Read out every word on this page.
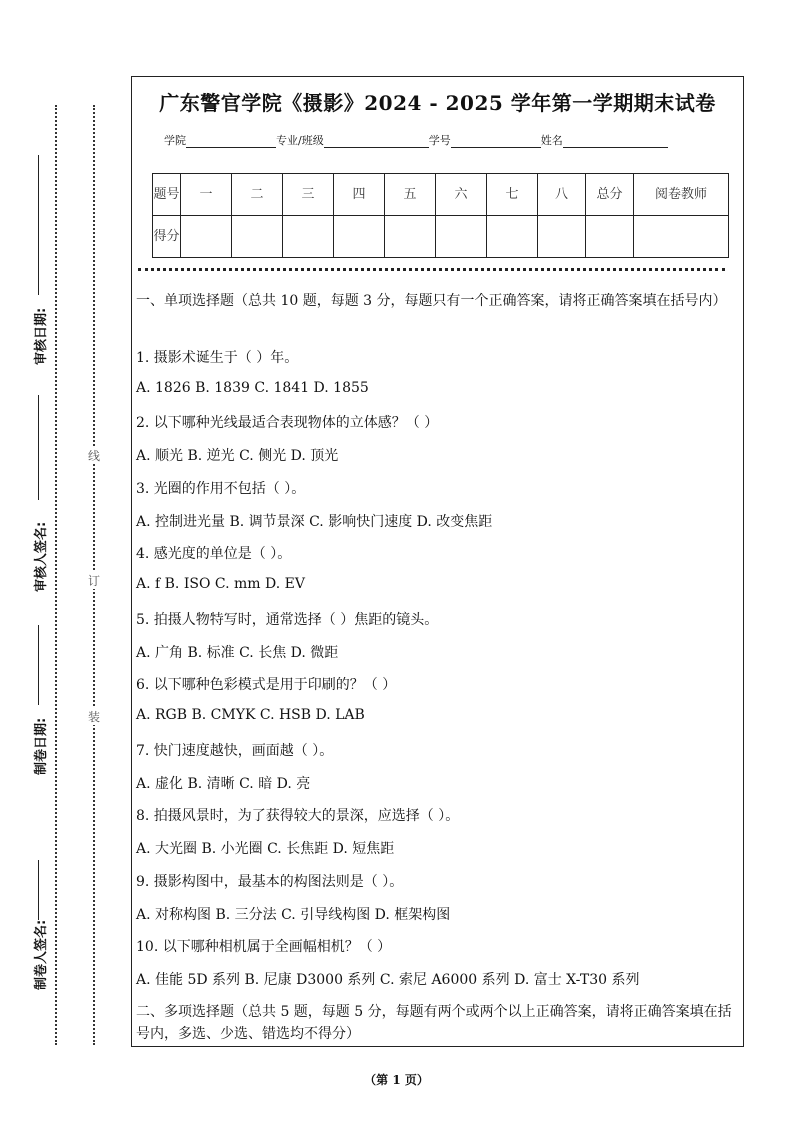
审核日期:
审核人签名:
制卷日期:
制卷人签名:
线
订
装
广东警官学院《摄影》2024 - 2025 学年第一学期期末试卷
学院	专业/班级	学号	姓名
题号	一	二	三	四	五	六	七	八	总分	阅卷教师
得分										
一、单项选择题（总共 10 题，每题 3 分，每题只有一个正确答案，请将正确答案填在括号内）
1. 摄影术诞生于（ ）年。
A. 1826 B. 1839 C. 1841 D. 1855
2. 以下哪种光线最适合表现物体的立体感？（ ）
A. 顺光 B. 逆光 C. 侧光 D. 顶光
3. 光圈的作用不包括（ ）。
A. 控制进光量 B. 调节景深 C. 影响快门速度 D. 改变焦距
4. 感光度的单位是（ ）。
A. f B. ISO C. mm D. EV
5. 拍摄人物特写时，通常选择（ ）焦距的镜头。
A. 广角 B. 标准 C. 长焦 D. 微距
6. 以下哪种色彩模式是用于印刷的？（ ）
A. RGB B. CMYK C. HSB D. LAB
7. 快门速度越快，画面越（ ）。
A. 虚化 B. 清晰 C. 暗 D. 亮
8. 拍摄风景时，为了获得较大的景深，应选择（ ）。
A. 大光圈 B. 小光圈 C. 长焦距 D. 短焦距
9. 摄影构图中，最基本的构图法则是（ ）。
A. 对称构图 B. 三分法 C. 引导线构图 D. 框架构图
10. 以下哪种相机属于全画幅相机？（ ）
A. 佳能 5D 系列 B. 尼康 D3000 系列 C. 索尼 A6000 系列 D. 富士 X-T30 系列
二、多项选择题（总共 5 题，每题 5 分，每题有两个或两个以上正确答案，请将正确答案填在括号内，多选、少选、错选均不得分）
（第 1 页）
